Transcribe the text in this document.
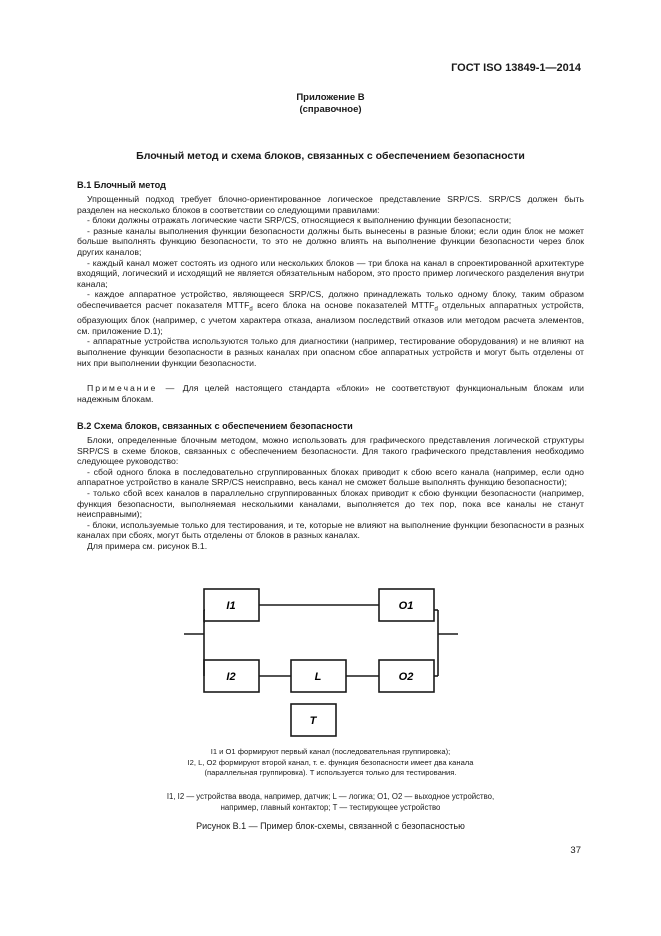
ГОСТ ISO 13849-1—2014
Приложение В
(справочное)
Блочный метод и схема блоков, связанных с обеспечением безопасности
В.1 Блочный метод

Упрощенный подход требует блочно-ориентированное логическое представление SRP/CS. SRP/CS должен быть разделен на несколько блоков в соответствии со следующими правилами:

- блоки должны отражать логические части SRP/CS, относящиеся к выполнению функции безопасности;

- разные каналы выполнения функции безопасности должны быть вынесены в разные блоки; если один блок не может больше выполнять функцию безопасности, то это не должно влиять на выполнение функции безопасности через блок других каналов;

- каждый канал может состоять из одного или нескольких блоков — три блока на канал в спроектированной архитектуре входящий, логический и исходящий не является обязательным набором, это просто пример логического разделения внутри канала;

- каждое аппаратное устройство, являющееся SRP/CS, должно принадлежать только одному блоку, таким образом обеспечивается расчет показателя $MTTF_d$ всего блока на основе показателей $MTTF_d$ отдельных аппаратных устройств, образующих блок (например, с учетом характера отказа, анализом последствий отказов или методом расчета элементов, см. приложение D.1);

- аппаратные устройства используются только для диагностики (например, тестирование оборудования) и не влияют на выполнение функции безопасности в разных каналах при опасном сбое аппаратных устройств и могут быть отделены от них при выполнении функции безопасности.

Примечание — Для целей настоящего стандарта «блоки» не соответствуют функциональным блокам или надежным блокам.

В.2 Схема блоков, связанных с обеспечением безопасности

Блоки, определенные блочным методом, можно использовать для графического представления логической структуры SRP/CS в схеме блоков, связанных с обеспечением безопасности. Для такого графического представления необходимо следующее руководство:

- сбой одного блока в последовательно сгруппированных блоках приводит к сбою всего канала (например, если одно аппаратное устройство в канале SRP/CS неисправно, весь канал не сможет больше выполнять функцию безопасности);

- только сбой всех каналов в параллельно сгруппированных блоках приводит к сбою функции безопасности (например, функция безопасности, выполняемая несколькими каналами, выполняется до тех пор, пока все каналы не станут неисправными);

- блоки, используемые только для тестирования, и те, которые не влияют на выполнение функции безопасности в разных каналах при сбоях, могут быть отделены от блоков в разных каналах.

Для примера см. рисунок В.1.

I1	O1
I2	L	O2
T
I1 и O1 формируют первый канал (последовательная группировка);
I2, L, O2 формируют второй канал, т. е. функция безопасности имеет два канала
(параллельная группировка). T используется только для тестирования.
I1, I2 — устройства ввода, например, датчик; L — логика; O1, O2 — выходное устройство,
например, главный контактор; T — тестирующее устройство
Рисунок В.1 — Пример блок-схемы, связанной с безопасностью
37
